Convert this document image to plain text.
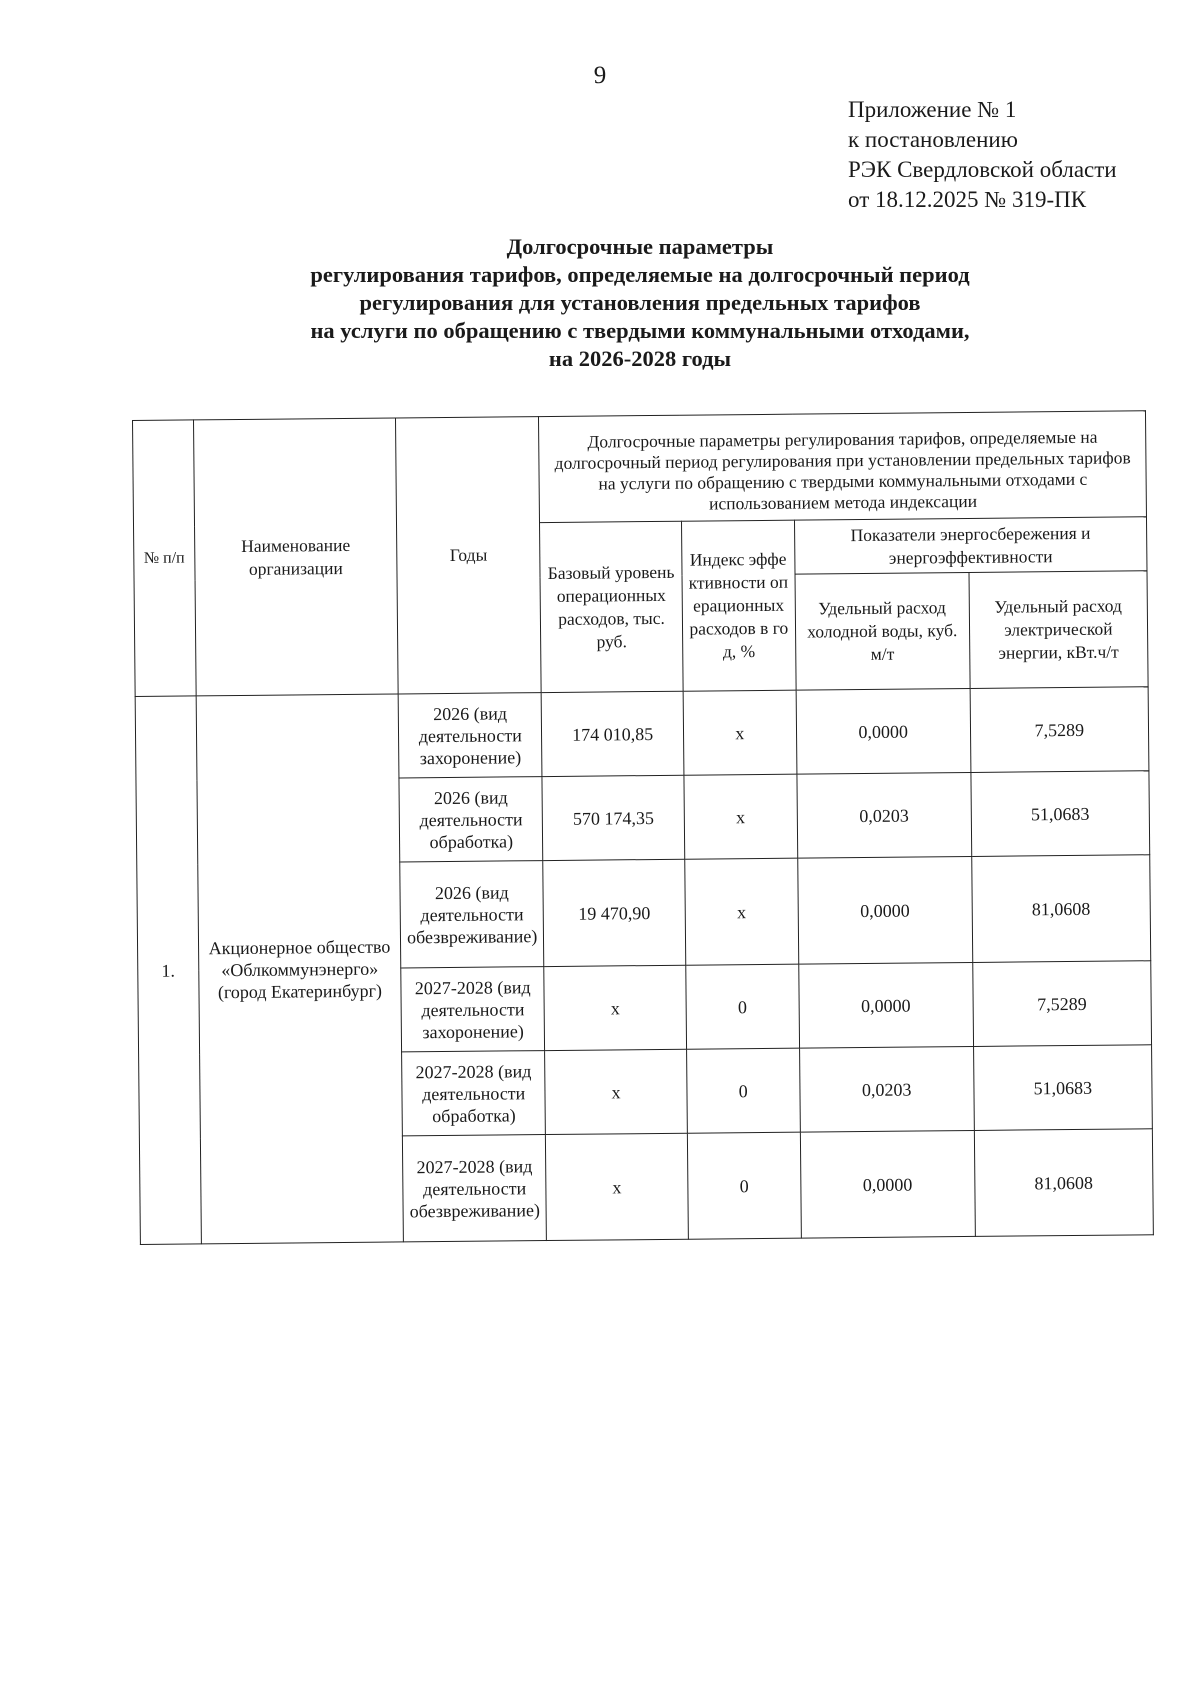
9
Приложение № 1
к постановлению
РЭК Свердловской области
от 18.12.2025 № 319-ПК
Долгосрочные параметры
регулирования тарифов, определяемые на долгосрочный период
регулирования для установления предельных тарифов
на услуги по обращению с твердыми коммунальными отходами,
на 2026-2028 годы
№ п/п	Наименование организации	Годы	Долгосрочные параметры регулирования тарифов, определяемые на долгосрочный период регулирования при установлении предельных тарифов на услуги по обращению с твердыми коммунальными отходами с использованием метода индексации			
			Базовый уровень операционных расходов, тыс. руб.	Индекс эффективности операционных расходов в год, %	Показатели энергосбережения и энергоэффективности	
					Удельный расход холодной воды, куб. м/т	Удельный расход электрической энергии, кВт.ч/т
1.	Акционерное общество «Облкоммунэнерго» (город Екатеринбург)	2026 (вид деятельности захоронение)	174 010,85	x	0,0000	7,5289
		2026 (вид деятельности обработка)	570 174,35	x	0,0203	51,0683
		2026 (вид деятельности обезвреживание)	19 470,90	x	0,0000	81,0608
		2027-2028 (вид деятельности захоронение)	x	0	0,0000	7,5289
		2027-2028 (вид деятельности обработка)	x	0	0,0203	51,0683
		2027-2028 (вид деятельности обезвреживание)	x	0	0,0000	81,0608
